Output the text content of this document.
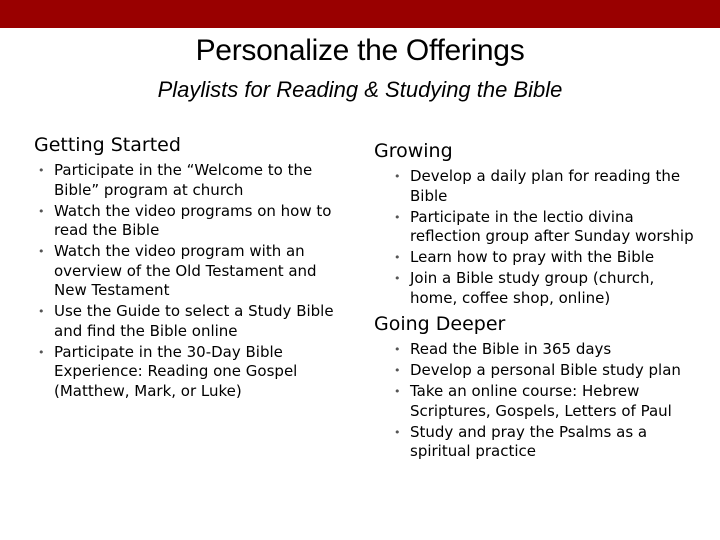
Personalize the Offerings
Playlists for Reading & Studying the Bible
Getting Started
• Participate in the “Welcome to the Bible” program at church
• Watch the video programs on how to read the Bible
• Watch the video program with an overview of the Old Testament and New Testament
• Use the Guide to select a Study Bible and find the Bible online
• Participate in the 30-Day Bible Experience: Reading one Gospel (Matthew, Mark, or Luke)
Growing
• Develop a daily plan for reading the Bible
• Participate in the lectio divina reflection group after Sunday worship
• Learn how to pray with the Bible
• Join a Bible study group (church, home, coffee shop, online)
Going Deeper
• Read the Bible in 365 days
• Develop a personal Bible study plan
• Take an online course: Hebrew Scriptures, Gospels, Letters of Paul
• Study and pray the Psalms as a spiritual practice
